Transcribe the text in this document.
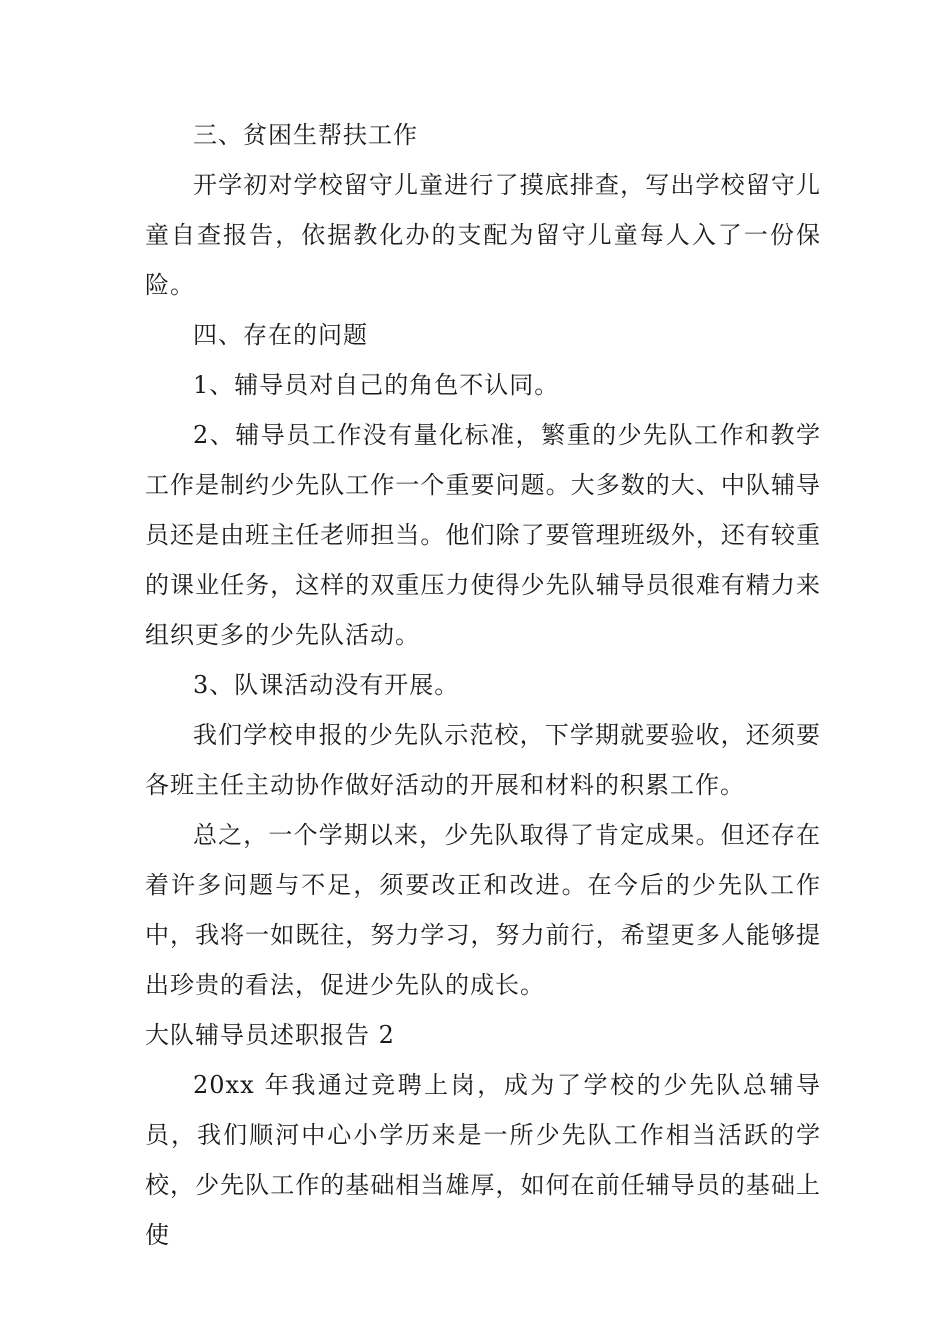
三、贫困生帮扶工作

开学初对学校留守儿童进行了摸底排查，写出学校留守儿童自查报告，依据教化办的支配为留守儿童每人入了一份保险。

四、存在的问题

1、辅导员对自己的角色不认同。

2、辅导员工作没有量化标准，繁重的少先队工作和教学工作是制约少先队工作一个重要问题。大多数的大、中队辅导员还是由班主任老师担当。他们除了要管理班级外，还有较重的课业任务，这样的双重压力使得少先队辅导员很难有精力来组织更多的少先队活动。

3、队课活动没有开展。

我们学校申报的少先队示范校，下学期就要验收，还须要各班主任主动协作做好活动的开展和材料的积累工作。

总之，一个学期以来，少先队取得了肯定成果。但还存在着许多问题与不足，须要改正和改进。在今后的少先队工作中，我将一如既往，努力学习，努力前行，希望更多人能够提出珍贵的看法，促进少先队的成长。

大队辅导员述职报告 2

20xx 年我通过竞聘上岗，成为了学校的少先队总辅导员，我们顺河中心小学历来是一所少先队工作相当活跃的学校，少先队工作的基础相当雄厚，如何在前任辅导员的基础上使
